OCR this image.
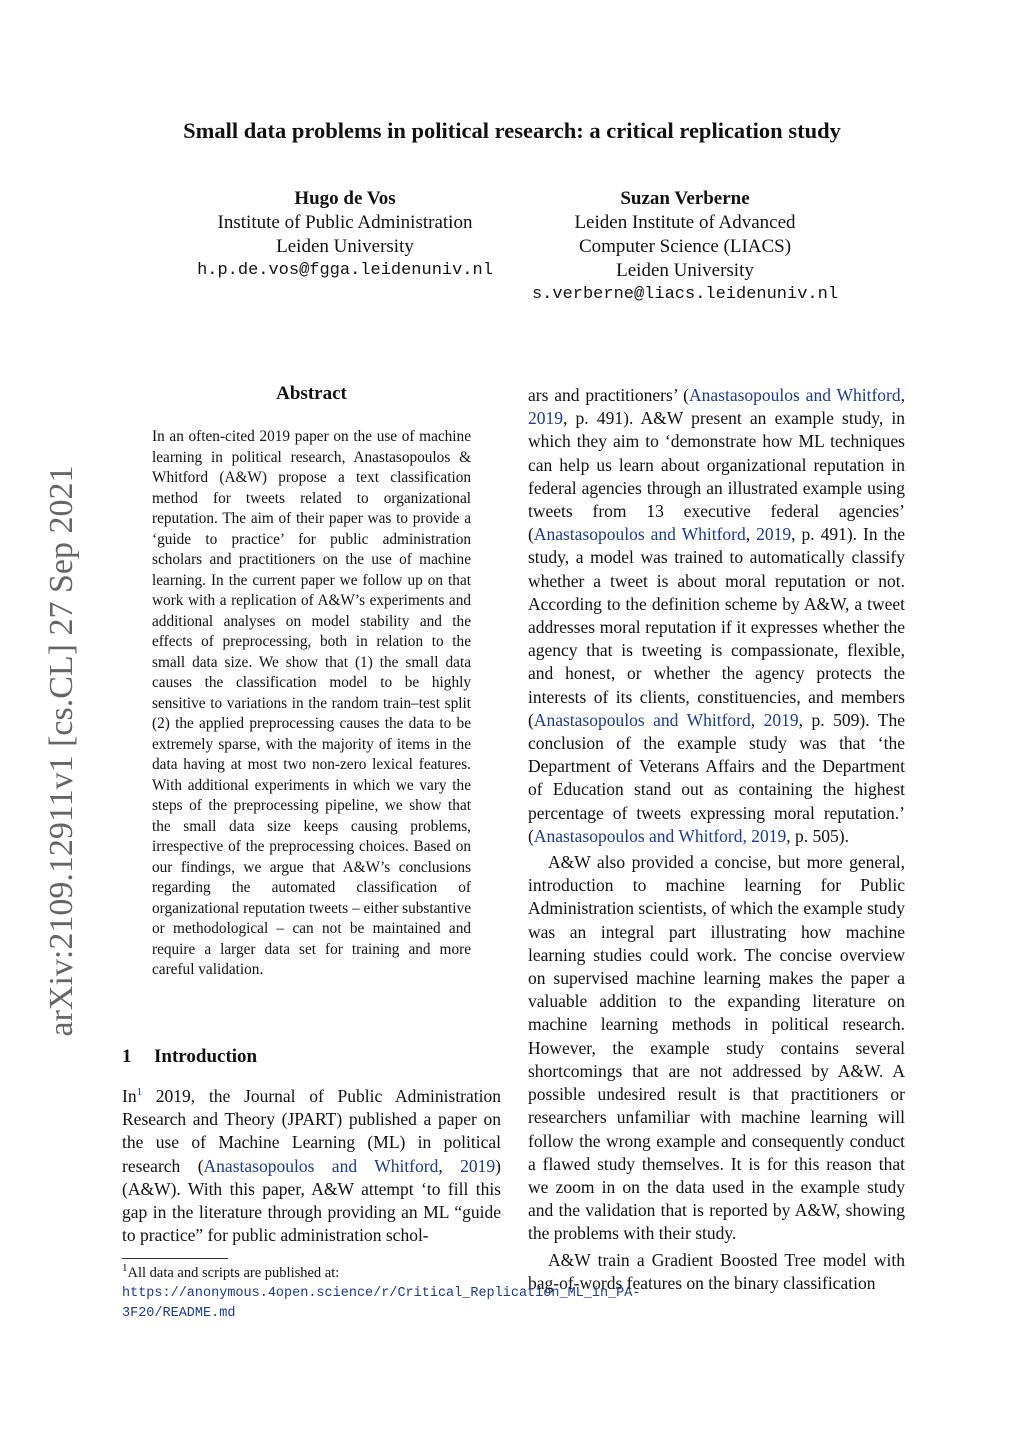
Small data problems in political research: a critical replication study
Hugo de Vos
Institute of Public Administration
Leiden University
h.p.de.vos@fgga.leidenuniv.nl
Suzan Verberne
Leiden Institute of Advanced
Computer Science (LIACS)
Leiden University
s.verberne@liacs.leidenuniv.nl
arXiv:2109.12911v1 [cs.CL] 27 Sep 2021
Abstract

In an often-cited 2019 paper on the use of machine learning in political research, Anastasopoulos & Whitford (A&W) propose a text classification method for tweets related to organizational reputation. The aim of their paper was to provide a ‘guide to practice’ for public administration scholars and practitioners on the use of machine learning. In the current paper we follow up on that work with a replication of A&W’s experiments and additional analyses on model stability and the effects of preprocessing, both in relation to the small data size. We show that (1) the small data causes the classification model to be highly sensitive to variations in the random train–test split (2) the applied preprocessing causes the data to be extremely sparse, with the majority of items in the data having at most two non-zero lexical features. With additional experiments in which we vary the steps of the preprocessing pipeline, we show that the small data size keeps causing problems, irrespective of the preprocessing choices. Based on our findings, we argue that A&W’s conclusions regarding the automated classification of organizational reputation tweets – either substantive or methodological – can not be maintained and require a larger data set for training and more careful validation.

1 Introduction

In$^1$ 2019, the Journal of Public Administration Research and Theory (JPART) published a paper on the use of Machine Learning (ML) in political research (Anastasopoulos and Whitford, 2019) (A&W). With this paper, A&W attempt ‘to fill this gap in the literature through providing an ML “guide to practice” for public administration schol-

ars and practitioners’ (Anastasopoulos and Whitford, 2019, p. 491). A&W present an example study, in which they aim to ‘demonstrate how ML techniques can help us learn about organizational reputation in federal agencies through an illustrated example using tweets from 13 executive federal agencies’ (Anastasopoulos and Whitford, 2019, p. 491). In the study, a model was trained to automatically classify whether a tweet is about moral reputation or not. According to the definition scheme by A&W, a tweet addresses moral reputation if it expresses whether the agency that is tweeting is compassionate, flexible, and honest, or whether the agency protects the interests of its clients, constituencies, and members (Anastasopoulos and Whitford, 2019, p. 509). The conclusion of the example study was that ‘the Department of Veterans Affairs and the Department of Education stand out as containing the highest percentage of tweets expressing moral reputation.’ (Anastasopoulos and Whitford, 2019, p. 505).

A&W also provided a concise, but more general, introduction to machine learning for Public Administration scientists, of which the example study was an integral part illustrating how machine learning studies could work. The concise overview on supervised machine learning makes the paper a valuable addition to the expanding literature on machine learning methods in political research. However, the example study contains several shortcomings that are not addressed by A&W. A possible undesired result is that practitioners or researchers unfamiliar with machine learning will follow the wrong example and consequently conduct a flawed study themselves. It is for this reason that we zoom in on the data used in the example study and the validation that is reported by A&W, showing the problems with their study.

A&W train a Gradient Boosted Tree model with bag-of-words features on the binary classification

$^1$All data and scripts are published at: https://anonymous.4open.science/r/Critical_Replication_ML_in_PA-3F20/README.md
